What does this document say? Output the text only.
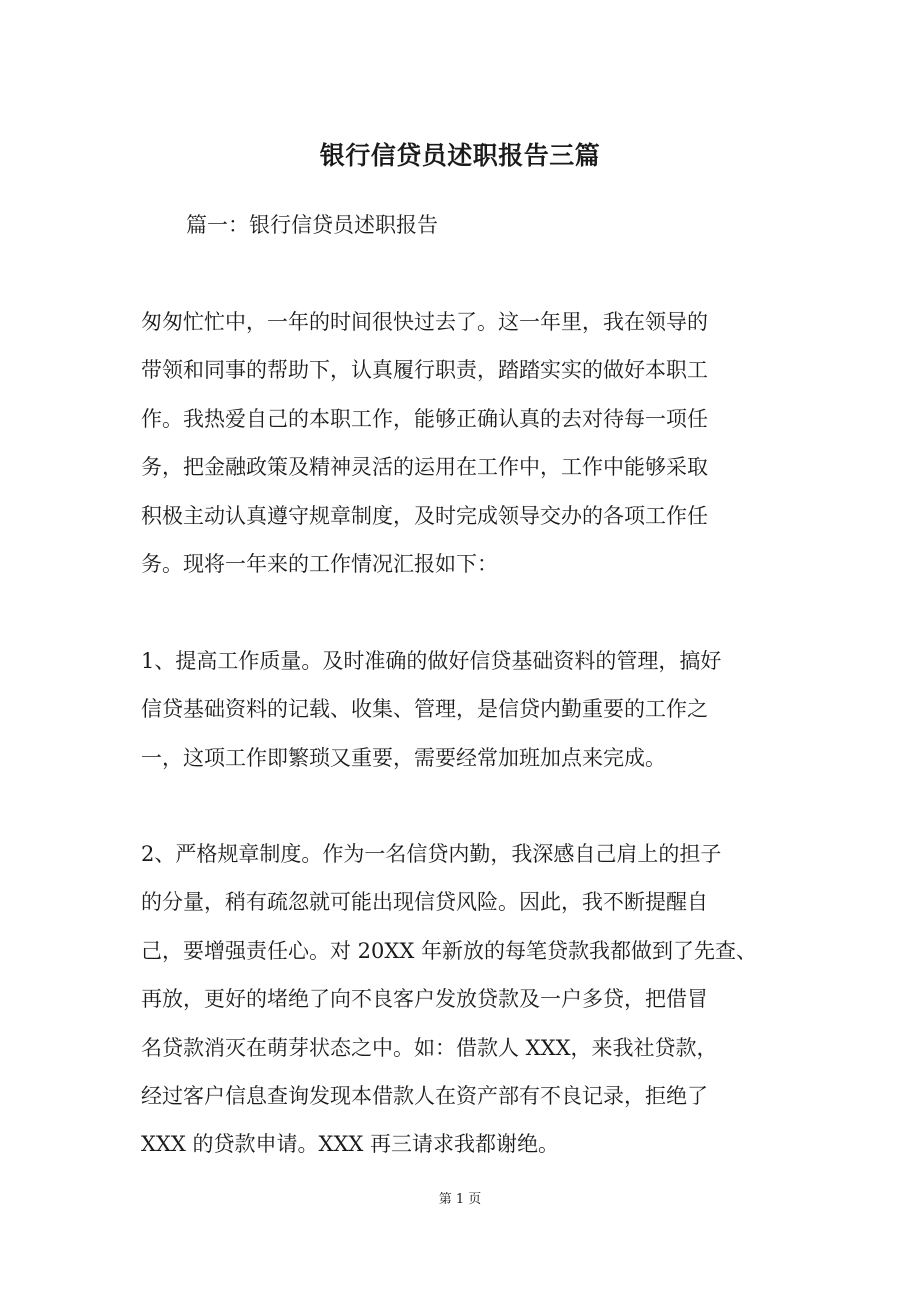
银行信贷员述职报告三篇
篇一：银行信贷员述职报告
匆匆忙忙中，一年的时间很快过去了。这一年里，我在领导的
带领和同事的帮助下，认真履行职责，踏踏实实的做好本职工
作。我热爱自己的本职工作，能够正确认真的去对待每一项任
务，把金融政策及精神灵活的运用在工作中，工作中能够采取
积极主动认真遵守规章制度，及时完成领导交办的各项工作任
务。现将一年来的工作情况汇报如下：
1、提高工作质量。及时准确的做好信贷基础资料的管理，搞好
信贷基础资料的记载、收集、管理，是信贷内勤重要的工作之
一，这项工作即繁琐又重要，需要经常加班加点来完成。
2、严格规章制度。作为一名信贷内勤，我深感自己肩上的担子
的分量，稍有疏忽就可能出现信贷风险。因此，我不断提醒自
己，要增强责任心。对 20XX 年新放的每笔贷款我都做到了先查、
再放，更好的堵绝了向不良客户发放贷款及一户多贷，把借冒
名贷款消灭在萌芽状态之中。如：借款人 XXX，来我社贷款，
经过客户信息查询发现本借款人在资产部有不良记录，拒绝了
XXX 的贷款申请。XXX 再三请求我都谢绝。
第 1 页
